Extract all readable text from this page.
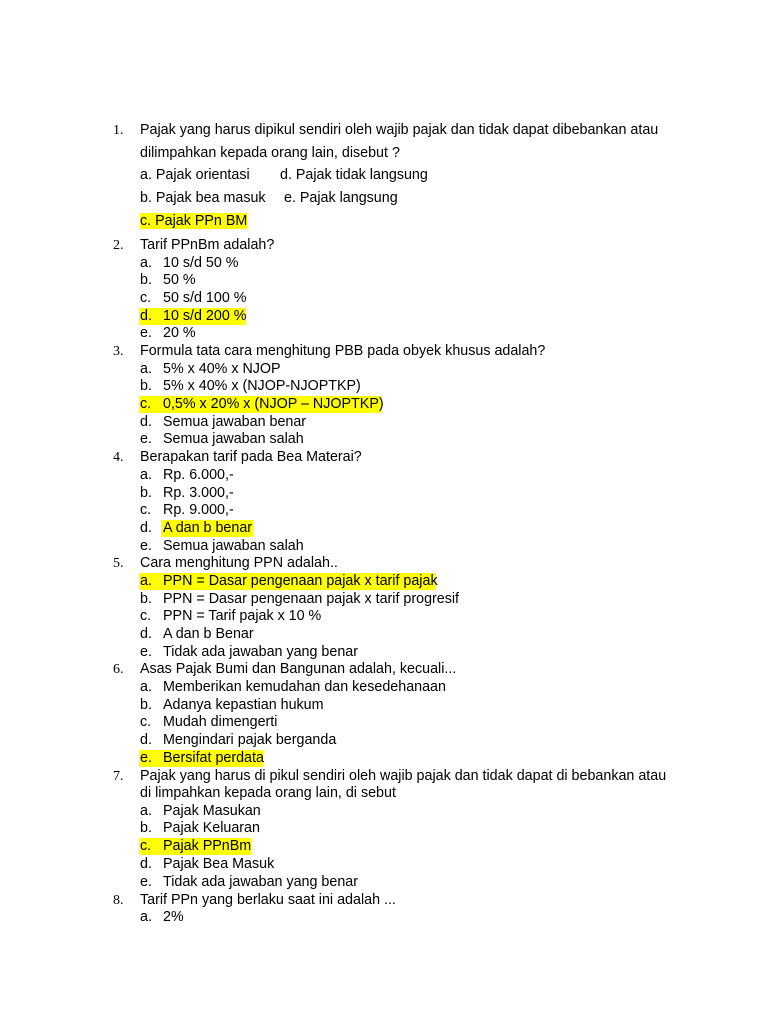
1. Pajak yang harus dipikul sendiri oleh wajib pajak dan tidak dapat dibebankan atau
dilimpahkan kepada orang lain, disebut ?
a. Pajak orientasi d. Pajak tidak langsung
b. Pajak bea masuk e. Pajak langsung
c. Pajak PPn BM
2. Tarif PPnBm adalah?
a. 10 s/d 50 %
b. 50 %
c. 50 s/d 100 %
d. 10 s/d 200 %
e. 20 %
3. Formula tata cara menghitung PBB pada obyek khusus adalah?
a. 5% x 40% x NJOP
b. 5% x 40% x (NJOP-NJOPTKP)
c. 0,5% x 20% x (NJOP – NJOPTKP)
d. Semua jawaban benar
e. Semua jawaban salah
4. Berapakan tarif pada Bea Materai?
a. Rp. 6.000,-
b. Rp. 3.000,-
c. Rp. 9.000,-
d. A dan b benar
e. Semua jawaban salah
5. Cara menghitung PPN adalah..
a. PPN = Dasar pengenaan pajak x tarif pajak
b. PPN = Dasar pengenaan pajak x tarif progresif
c. PPN = Tarif pajak x 10 %
d. A dan b Benar
e. Tidak ada jawaban yang benar
6. Asas Pajak Bumi dan Bangunan adalah, kecuali...
a. Memberikan kemudahan dan kesedehanaan
b. Adanya kepastian hukum
c. Mudah dimengerti
d. Mengindari pajak berganda
e. Bersifat perdata
7. Pajak yang harus di pikul sendiri oleh wajib pajak dan tidak dapat di bebankan atau
di limpahkan kepada orang lain, di sebut
a. Pajak Masukan
b. Pajak Keluaran
c. Pajak PPnBm
d. Pajak Bea Masuk
e. Tidak ada jawaban yang benar
8. Tarif PPn yang berlaku saat ini adalah ...
a. 2%
